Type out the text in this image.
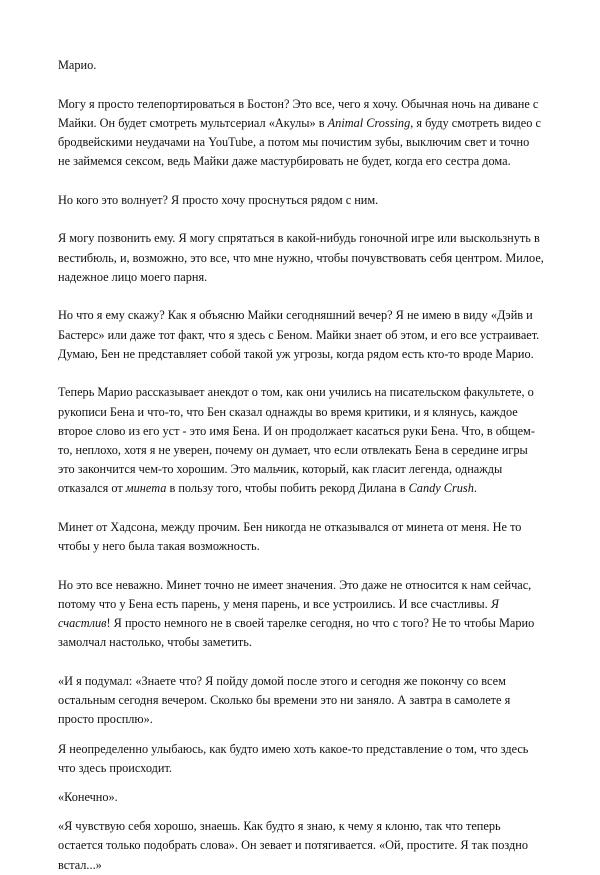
Марио.

Могу я просто телепортироваться в Бостон? Это все, чего я хочу. Обычная ночь на диване с Майки. Он будет смотреть мультсериал «Акулы» в Animal Crossing, я буду смотреть видео с бродвейскими неудачами на YouTube, а потом мы почистим зубы, выключим свет и точно не займемся сексом, ведь Майки даже мастурбировать не будет, когда его сестра дома.

Но кого это волнует? Я просто хочу проснуться рядом с ним.

Я могу позвонить ему. Я могу спрятаться в какой-нибудь гоночной игре или выскользнуть в вестибюль, и, возможно, это все, что мне нужно, чтобы почувствовать себя центром. Милое, надежное лицо моего парня.

Но что я ему скажу? Как я объясню Майки сегодняшний вечер? Я не имею в виду «Дэйв и Бастерс» или даже тот факт, что я здесь с Беном. Майки знает об этом, и его все устраивает. Думаю, Бен не представляет собой такой уж угрозы, когда рядом есть кто-то вроде Марио.

Теперь Марио рассказывает анекдот о том, как они учились на писательском факультете, о рукописи Бена и что-то, что Бен сказал однажды во время критики, и я клянусь, каждое второе слово из его уст - это имя Бена. И он продолжает касаться руки Бена. Что, в общем-то, неплохо, хотя я не уверен, почему он думает, что если отвлекать Бена в середине игры это закончится чем-то хорошим. Это мальчик, который, как гласит легенда, однажды отказался от минета в пользу того, чтобы побить рекорд Дилана в Candy Crush.

Минет от Хадсона, между прочим. Бен никогда не отказывался от минета от меня. Не то чтобы у него была такая возможность.

Но это все неважно. Минет точно не имеет значения. Это даже не относится к нам сейчас, потому что у Бена есть парень, у меня парень, и все устроились. И все счастливы. Я счастлив! Я просто немного не в своей тарелке сегодня, но что с того? Не то чтобы Марио замолчал настолько, чтобы заметить.

«И я подумал: «Знаете что? Я пойду домой после этого и сегодня же покончу со всем остальным сегодня вечером. Сколько бы времени это ни заняло. А завтра в самолете я просто просплю».

Я неопределенно улыбаюсь, как будто имею хоть какое-то представление о том, что здесь что здесь происходит.

«Конечно».

«Я чувствую себя хорошо, знаешь. Как будто я знаю, к чему я клоню, так что теперь остается только подобрать слова». Он зевает и потягивается. «Ой, простите. Я так поздно встал...»
